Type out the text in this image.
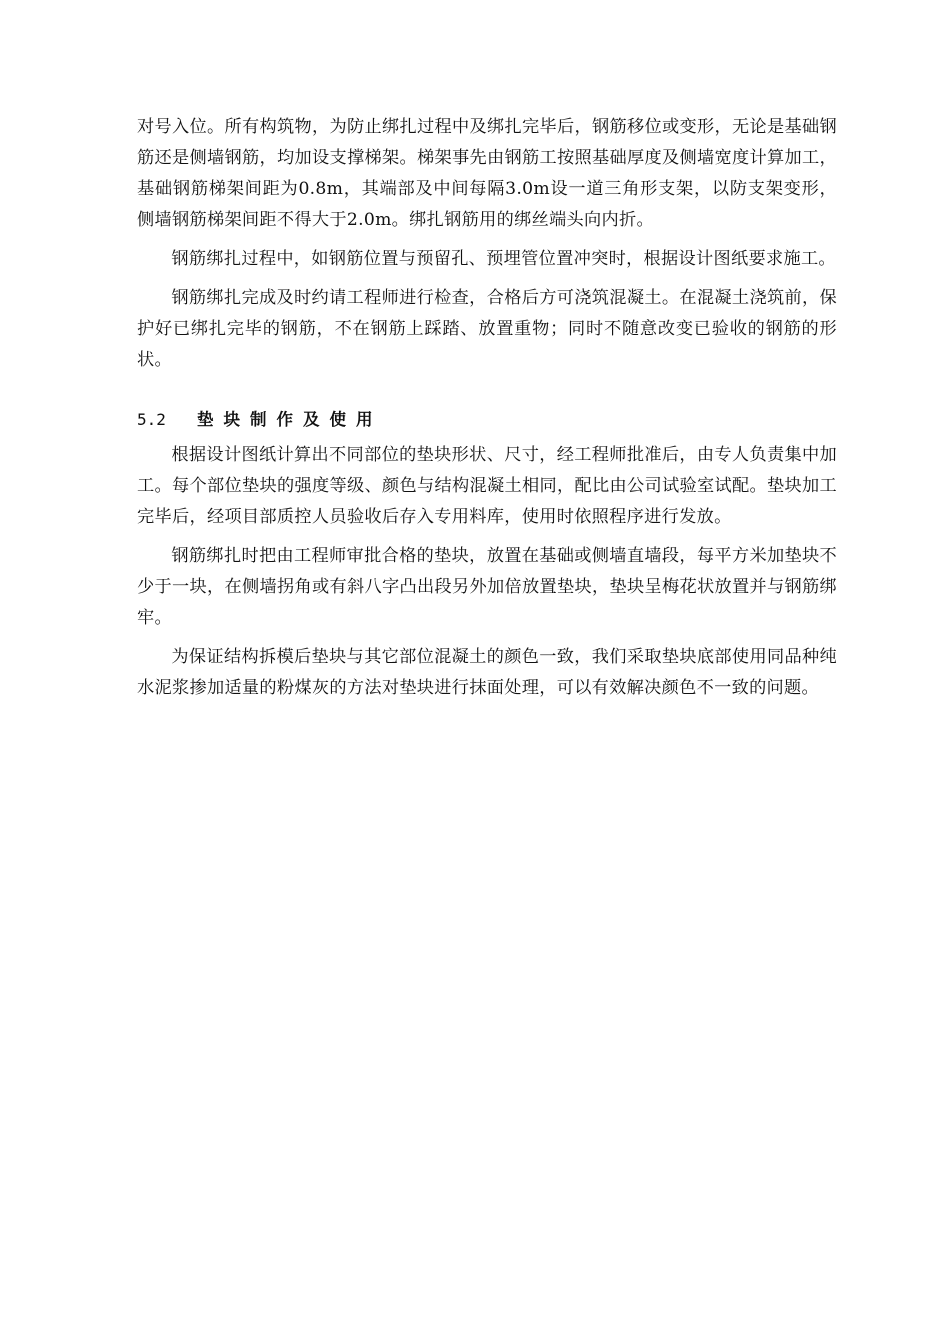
对号入位。所有构筑物，为防止绑扎过程中及绑扎完毕后，钢筋移位或变形，无论是基础钢筋还是侧墙钢筋，均加设支撑梯架。梯架事先由钢筋工按照基础厚度及侧墙宽度计算加工，基础钢筋梯架间距为0.8m，其端部及中间每隔3.0m设一道三角形支架，以防支架变形，侧墙钢筋梯架间距不得大于2.0m。绑扎钢筋用的绑丝端头向内折。

钢筋绑扎过程中，如钢筋位置与预留孔、预埋管位置冲突时，根据设计图纸要求施工。

钢筋绑扎完成及时约请工程师进行检查，合格后方可浇筑混凝土。在混凝土浇筑前，保护好已绑扎完毕的钢筋，不在钢筋上踩踏、放置重物；同时不随意改变已验收的钢筋的形状。

5.2	垫块制作及使用

根据设计图纸计算出不同部位的垫块形状、尺寸，经工程师批准后，由专人负责集中加工。每个部位垫块的强度等级、颜色与结构混凝土相同，配比由公司试验室试配。垫块加工完毕后，经项目部质控人员验收后存入专用料库，使用时依照程序进行发放。

钢筋绑扎时把由工程师审批合格的垫块，放置在基础或侧墙直墙段，每平方米加垫块不少于一块，在侧墙拐角或有斜八字凸出段另外加倍放置垫块，垫块呈梅花状放置并与钢筋绑牢。

为保证结构拆模后垫块与其它部位混凝土的颜色一致，我们采取垫块底部使用同品种纯水泥浆掺加适量的粉煤灰的方法对垫块进行抹面处理，可以有效解决颜色不一致的问题。
